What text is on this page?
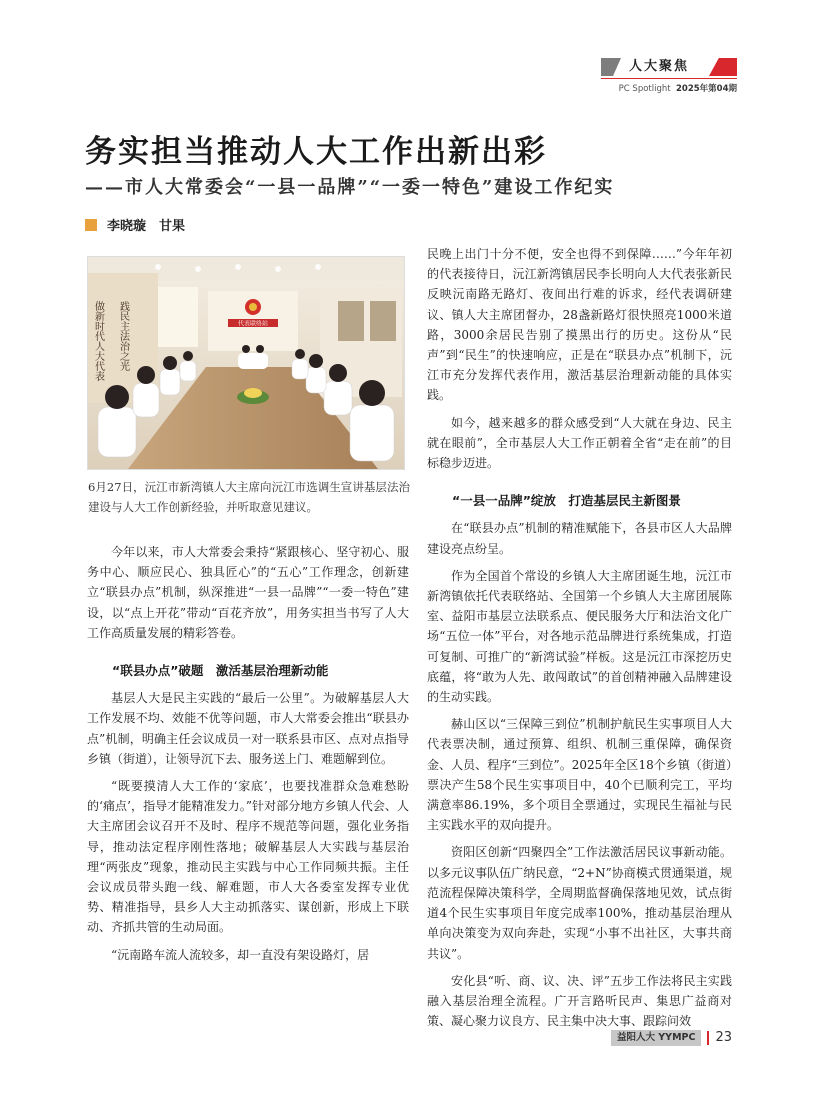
人大聚焦
PC Spotlight 2025年第04期
务实担当推动人大工作出新出彩
——市人大常委会“一县一品牌”“一委一特色”建设工作纪实
李晓璇　甘果
做新时代人大代表 践民主法治之光	代表联络站

6月27日，沅江市新湾镇人大主席向沅江市选调生宣讲基层法治建设与人大工作创新经验，并听取意见建议。

今年以来，市人大常委会秉持“紧跟核心、坚守初心、服务中心、顺应民心、独具匠心”的“五心”工作理念，创新建立“联县办点”机制，纵深推进“一县一品牌”“一委一特色”建设，以“点上开花”带动“百花齐放”，用务实担当书写了人大工作高质量发展的精彩答卷。

“联县办点”破题　激活基层治理新动能

基层人大是民主实践的“最后一公里”。为破解基层人大工作发展不均、效能不优等问题，市人大常委会推出“联县办点”机制，明确主任会议成员一对一联系县市区、点对点指导乡镇（街道），让领导沉下去、服务送上门、难题解到位。

“既要摸清人大工作的‘家底’，也要找准群众急难愁盼的‘痛点’，指导才能精准发力。”针对部分地方乡镇人代会、人大主席团会议召开不及时、程序不规范等问题，强化业务指导，推动法定程序刚性落地；破解基层人大实践与基层治理“两张皮”现象，推动民主实践与中心工作同频共振。主任会议成员带头跑一线、解难题，市人大各委室发挥专业优势、精准指导，县乡人大主动抓落实、谋创新，形成上下联动、齐抓共管的生动局面。

“沅南路车流人流较多，却一直没有架设路灯，居

民晚上出门十分不便，安全也得不到保障……”今年年初的代表接待日，沅江新湾镇居民李长明向人大代表张新民反映沅南路无路灯、夜间出行难的诉求，经代表调研建议、镇人大主席团督办，28盏新路灯很快照亮1000米道路，3000余居民告别了摸黑出行的历史。这份从“民声”到“民生”的快速响应，正是在“联县办点”机制下，沅江市充分发挥代表作用，激活基层治理新动能的具体实践。

如今，越来越多的群众感受到“人大就在身边、民主就在眼前”，全市基层人大工作正朝着全省“走在前”的目标稳步迈进。

“一县一品牌”绽放　打造基层民主新图景

在“联县办点”机制的精准赋能下，各县市区人大品牌建设亮点纷呈。

作为全国首个常设的乡镇人大主席团诞生地，沅江市新湾镇依托代表联络站、全国第一个乡镇人大主席团展陈室、益阳市基层立法联系点、便民服务大厅和法治文化广场“五位一体”平台，对各地示范品牌进行系统集成，打造可复制、可推广的“新湾试验”样板。这是沅江市深挖历史底蕴，将“敢为人先、敢闯敢试”的首创精神融入品牌建设的生动实践。

赫山区以“三保障三到位”机制护航民生实事项目人大代表票决制，通过预算、组织、机制三重保障，确保资金、人员、程序“三到位”。2025年全区18个乡镇（街道）票决产生58个民生实事项目中，40个已顺利完工，平均满意率86.19%，多个项目全票通过，实现民生福祉与民主实践水平的双向提升。

资阳区创新“四聚四全”工作法激活居民议事新动能。以多元议事队伍广纳民意，“2+N”协商模式贯通渠道，规范流程保障决策科学，全周期监督确保落地见效，试点街道4个民生实事项目年度完成率100%，推动基层治理从单向决策变为双向奔赴，实现“小事不出社区，大事共商共议”。

安化县“听、商、议、决、评”五步工作法将民主实践融入基层治理全流程。广开言路听民声、集思广益商对策、凝心聚力议良方、民主集中决大事、跟踪问效

益阳人大 YYMPC 23
